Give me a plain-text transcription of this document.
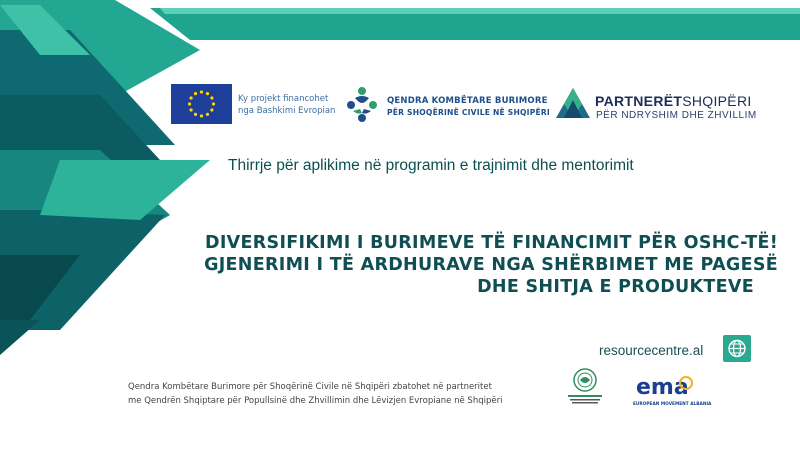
Ky projekt financohet
nga Bashkimi Evropian
QENDRA KOMBËTARE BURIMORE
PËR SHOQËRINË CIVILE NË SHQIPËRI
PARTNERËTSHQIPËRI
PËR NDRYSHIM DHE ZHVILLIM
Thirrje për aplikime në programin e trajnimit dhe mentorimit
DIVERSIFIKIMI I BURIMEVE TË FINANCIMIT PËR OSHC-TË!
GJENERIMI I TË ARDHURAVE NGA SHËRBIMET ME PAGESË
DHE SHITJA E PRODUKTEVE
resourcecentre.al
Qendra Kombëtare Burimore për Shoqërinë Civile në Shqipëri zbatohet në partneritet
me Qendrën Shqiptare për Popullsinë dhe Zhvillimin dhe Lëvizjen Evropiane në Shqipëri
ema
EUROPEAN MOVEMENT ALBANIA
